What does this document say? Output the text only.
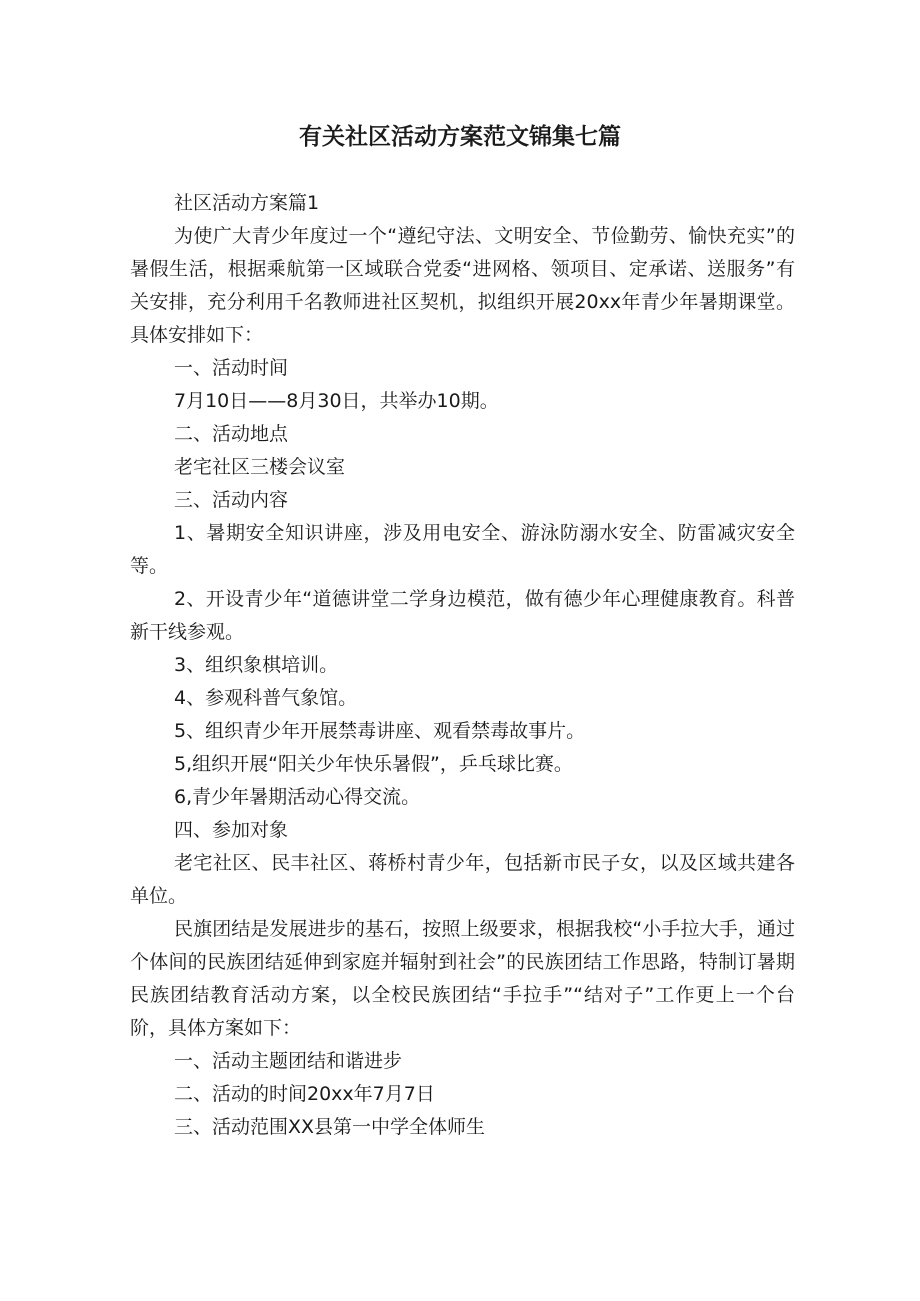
有关社区活动方案范文锦集七篇

社区活动方案篇1

为使广大青少年度过一个“遵纪守法、文明安全、节俭勤劳、愉快充实”的暑假生活，根据乘航第一区域联合党委“进网格、领项目、定承诺、送服务”有关安排，充分利用千名教师进社区契机，拟组织开展20xx年青少年暑期课堂。具体安排如下：

一、活动时间

7月10日——8月30日，共举办10期。

二、活动地点

老宅社区三楼会议室

三、活动内容

1、暑期安全知识讲座，涉及用电安全、游泳防溺水安全、防雷减灾安全等。

2、开设青少年“道德讲堂二学身边模范，做有德少年心理健康教育。科普新干线参观。

3、组织象棋培训。

4、参观科普气象馆。

5、组织青少年开展禁毒讲座、观看禁毒故事片。

5,组织开展“阳关少年快乐暑假”，乒乓球比赛。

6,青少年暑期活动心得交流。

四、参加对象

老宅社区、民丰社区、蒋桥村青少年，包括新市民子女，以及区域共建各单位。

民旗团结是发展进步的基石，按照上级要求，根据我校“小手拉大手，通过个体间的民族团结延伸到家庭并辐射到社会”的民族团结工作思路，特制订暑期民族团结教育活动方案，以全校民族团结“手拉手”“结对子”工作更上一个台阶，具体方案如下：

一、活动主题团结和谐进步

二、活动的时间20xx年7月7日

三、活动范围XX县第一中学全体师生
